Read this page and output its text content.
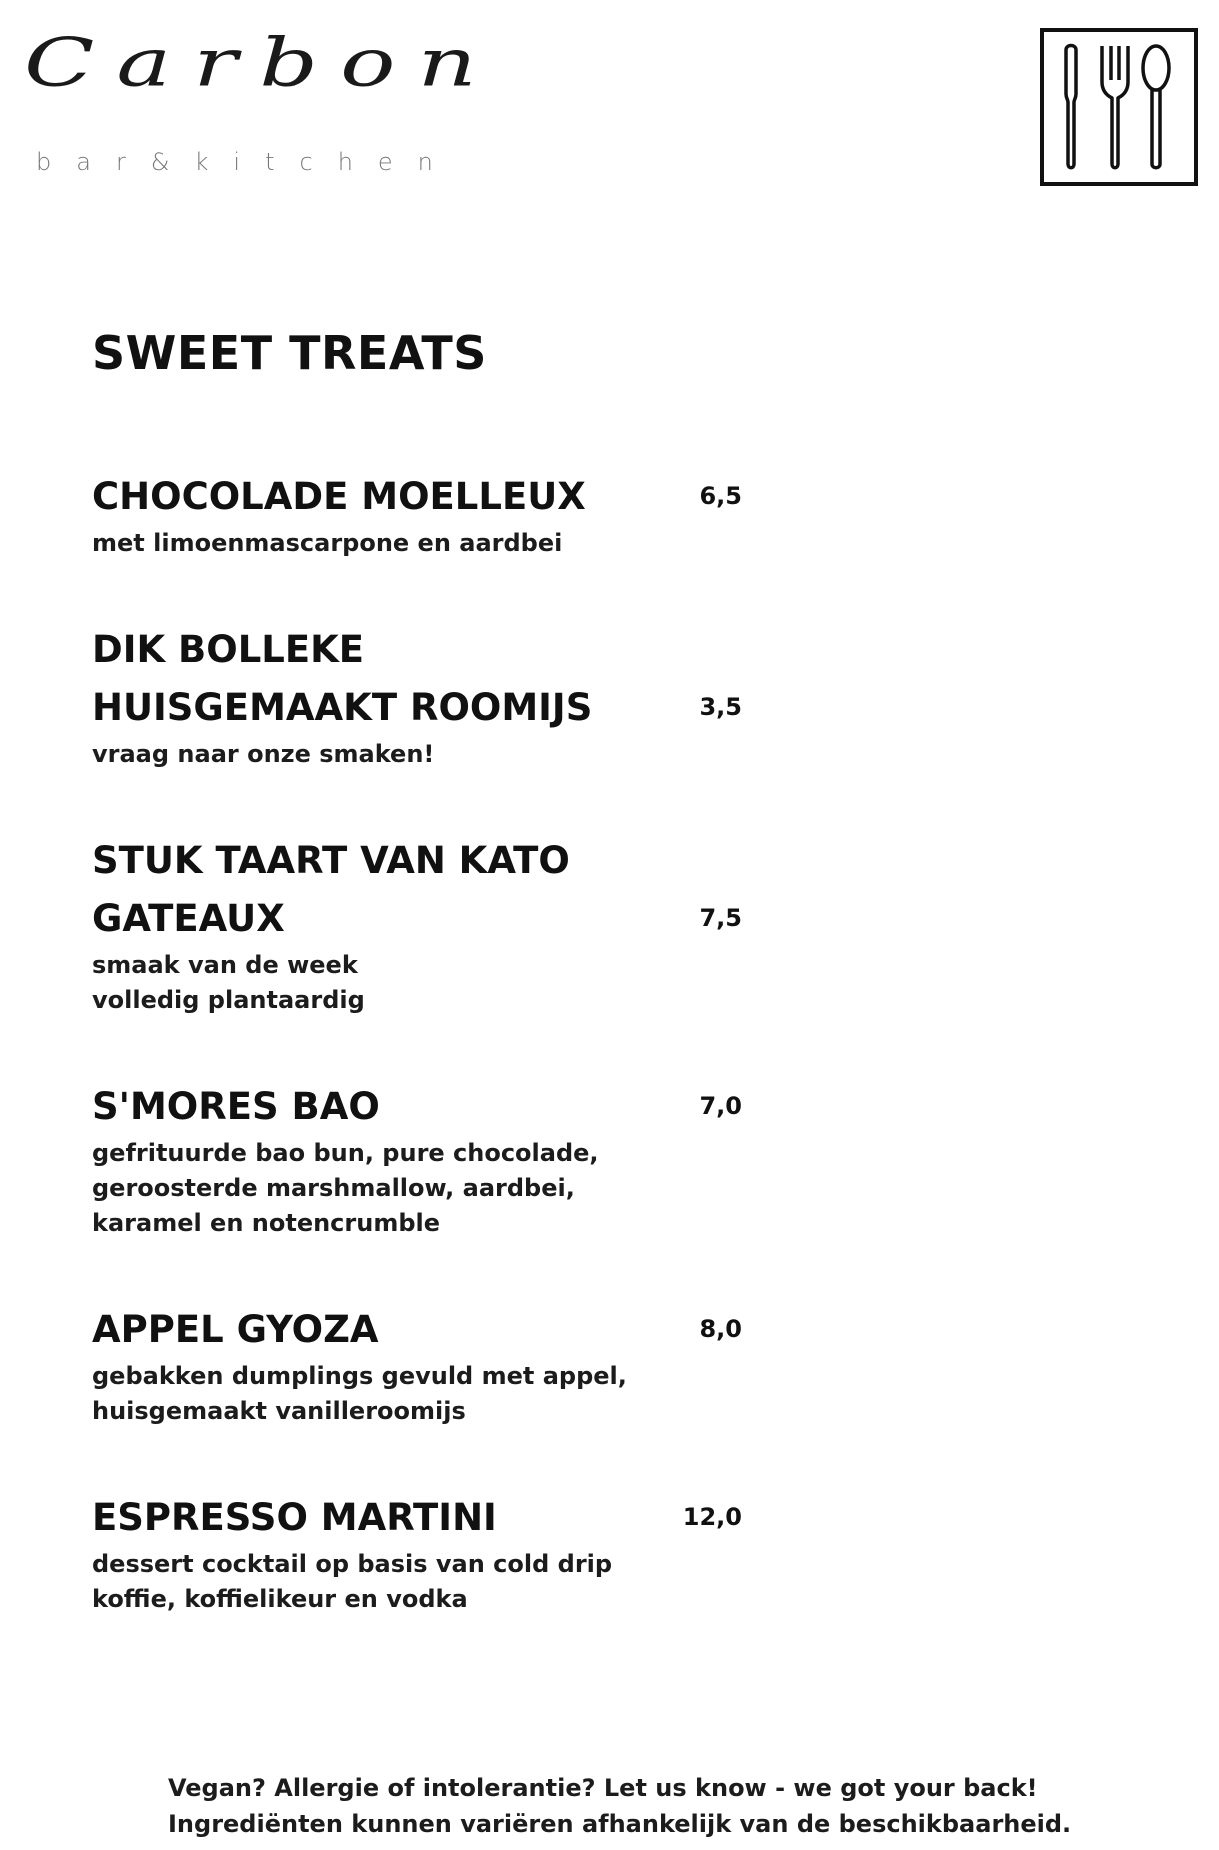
Carbon
bar&kitchen
SWEET TREATS
6,5

CHOCOLADE MOELLEUX

met limoenmascarpone en aardbei

3,5

DIK BOLLEKE HUISGEMAAKT ROOMIJS

vraag naar onze smaken!

7,5

STUK TAART VAN KATO GATEAUX

smaak van de week
volledig plantaardig

7,0

S'MORES BAO

gefrituurde bao bun, pure chocolade,
geroosterde marshmallow, aardbei,
karamel en notencrumble

8,0

APPEL GYOZA

gebakken dumplings gevuld met appel,
huisgemaakt vanilleroomijs

12,0

ESPRESSO MARTINI

dessert cocktail op basis van cold drip
koffie, koffielikeur en vodka

Vegan? Allergie of intolerantie? Let us know - we got your back!
Ingrediënten kunnen variëren afhankelijk van de beschikbaarheid.
